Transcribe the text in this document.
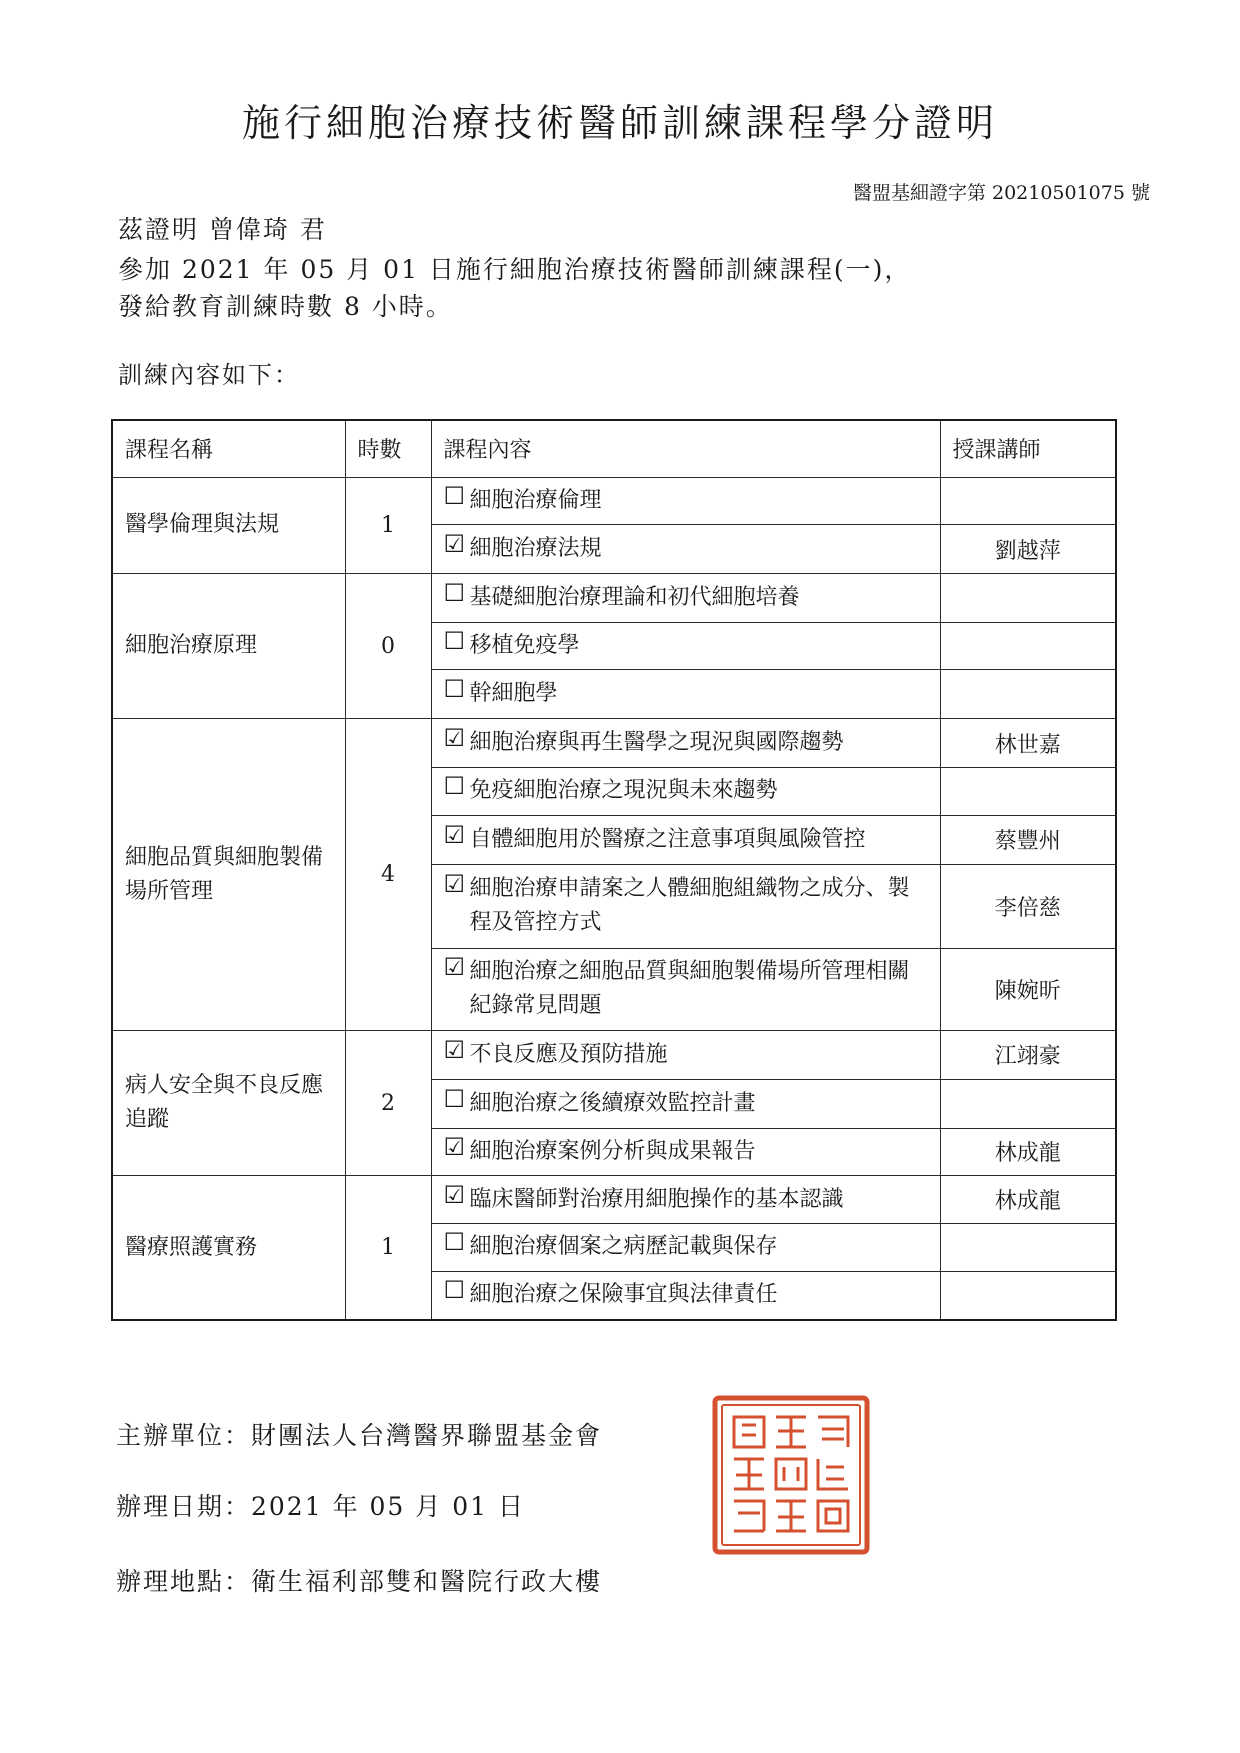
施行細胞治療技術醫師訓練課程學分證明
醫盟基細證字第 20210501075 號
茲證明 曾偉琦 君
參加 2021 年 05 月 01 日施行細胞治療技術醫師訓練課程(一)，
發給教育訓練時數 8 小時。
訓練內容如下：
課程名稱	時數	課程內容	授課講師
醫學倫理與法規	1	☐ 細胞治療倫理	

		☑ 細胞治療法規	劉越萍
細胞治療原理	0	☐ 基礎細胞治療理論和初代細胞培養	

		☐ 移植免疫學	

		☐ 幹細胞學	

細胞品質與細胞製備場所管理	4	☑ 細胞治療與再生醫學之現況與國際趨勢	林世嘉

		☐ 免疫細胞治療之現況與未來趨勢	

		☑ 自體細胞用於醫療之注意事項與風險管控	蔡豐州

		☑ 細胞治療申請案之人體細胞組織物之成分、製程及管控方式	李倍慈

		☑ 細胞治療之細胞品質與細胞製備場所管理相關紀錄常見問題	陳婉昕
病人安全與不良反應追蹤	2	☑ 不良反應及預防措施	江翊豪

		☐ 細胞治療之後續療效監控計畫	

		☑ 細胞治療案例分析與成果報告	林成龍
醫療照護實務	1	☑ 臨床醫師對治療用細胞操作的基本認識	林成龍

		☐ 細胞治療個案之病歷記載與保存	

		☐ 細胞治療之保險事宜與法律責任	

主辦單位：財團法人台灣醫界聯盟基金會
辦理日期：2021 年 05 月 01 日
辦理地點：衛生福利部雙和醫院行政大樓
